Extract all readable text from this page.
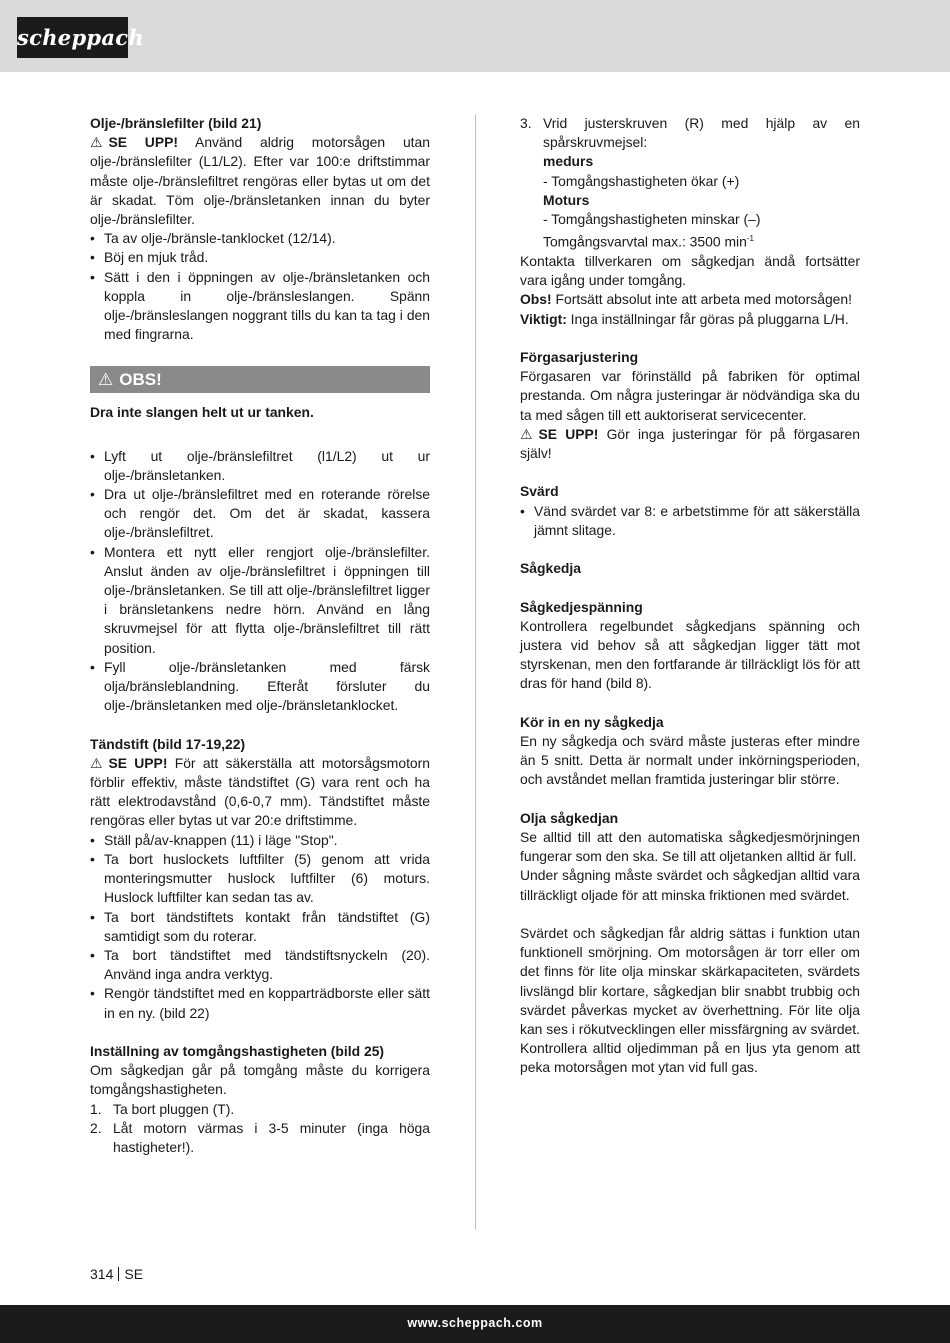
scheppach

Olje-/bränslefilter (bild 21)

⚠ SE UPP! Använd aldrig motorsågen utan olje-/bränslefilter (L1/L2). Efter var 100:e driftstimmar måste olje-/bränslefiltret rengöras eller bytas ut om det är skadat. Töm olje-/bränsletanken innan du byter olje-/bränslefilter.

• Ta av olje-/bränsle-tanklocket (12/14).
• Böj en mjuk tråd.
• Sätt i den i öppningen av olje-/bränsletanken och koppla in olje-/bränsleslangen. Spänn olje-/bränsleslangen noggrant tills du kan ta tag i den med fingrarna.
⚠ OBS!

Dra inte slangen helt ut ur tanken.

• Lyft ut olje-/bränslefiltret (l1/L2) ut ur olje-/bränsletanken.
• Dra ut olje-/bränslefiltret med en roterande rörelse och rengör det. Om det är skadat, kassera olje-/bränslefiltret.
• Montera ett nytt eller rengjort olje-/bränslefilter. Anslut änden av olje-/bränslefiltret i öppningen till olje-/bränsletanken. Se till att olje-/bränslefiltret ligger i bränsletankens nedre hörn. Använd en lång skruvmejsel för att flytta olje-/bränslefiltret till rätt position.
• Fyll olje-/bränsletanken med färsk olja/bränsleblandning. Efteråt försluter du olje-/bränsletanken med olje-/bränsletanklocket.

Tändstift (bild 17-19,22)

⚠ SE UPP! För att säkerställa att motorsågsmotorn förblir effektiv, måste tändstiftet (G) vara rent och ha rätt elektrodavstånd (0,6-0,7 mm). Tändstiftet måste rengöras eller bytas ut var 20:e driftstimme.

• Ställ på/av-knappen (11) i läge "Stop".
• Ta bort huslockets luftfilter (5) genom att vrida monteringsmutter huslock luftfilter (6) moturs. Huslock luftfilter kan sedan tas av.
• Ta bort tändstiftets kontakt från tändstiftet (G) samtidigt som du roterar.
• Ta bort tändstiftet med tändstiftsnyckeln (20). Använd inga andra verktyg.
• Rengör tändstiftet med en kopparträdborste eller sätt in en ny. (bild 22)

Inställning av tomgångshastigheten (bild 25)

Om sågkedjan går på tomgång måste du korrigera tomgångshastigheten.

1. Ta bort pluggen (T).
2. Låt motorn värmas i 3-5 minuter (inga höga hastigheter!).
3. Vrid justerskruven (R) med hjälp av en spårskruvmejsel:

medurs

- Tomgångshastigheten ökar (+)

Moturs

- Tomgångshastigheten minskar (–)

Tomgångsvarvtal max.: 3500 $\min^{-1}$

Kontakta tillverkaren om sågkedjan ändå fortsätter vara igång under tomgång.

Obs! Fortsätt absolut inte att arbeta med motorsågen!

Viktigt: Inga inställningar får göras på pluggarna L/H.

Förgasarjustering

Förgasaren var förinställd på fabriken för optimal prestanda. Om några justeringar är nödvändiga ska du ta med sågen till ett auktoriserat servicecenter.

⚠ SE UPP! Gör inga justeringar för på förgasaren själv!

Svärd

• Vänd svärdet var 8: e arbetstimme för att säkerställa jämnt slitage.

Sågkedja

Sågkedjespänning

Kontrollera regelbundet sågkedjans spänning och justera vid behov så att sågkedjan ligger tätt mot styrskenan, men den fortfarande är tillräckligt lös för att dras för hand (bild 8).

Kör in en ny sågkedja

En ny sågkedja och svärd måste justeras efter mindre än 5 snitt. Detta är normalt under inkörningsperioden, och avståndet mellan framtida justeringar blir större.

Olja sågkedjan

Se alltid till att den automatiska sågkedjesmörjningen fungerar som den ska. Se till att oljetanken alltid är full.

Under sågning måste svärdet och sågkedjan alltid vara tillräckligt oljade för att minska friktionen med svärdet.

Svärdet och sågkedjan får aldrig sättas i funktion utan funktionell smörjning. Om motorsågen är torr eller om det finns för lite olja minskar skärkapaciteten, svärdets livslängd blir kortare, sågkedjan blir snabbt trubbig och svärdet påverkas mycket av överhettning. För lite olja kan ses i rökutvecklingen eller missfärgning av svärdet. Kontrollera alltid oljedimman på en ljus yta genom att peka motorsågen mot ytan vid full gas.

314 SE
www.scheppach.com
